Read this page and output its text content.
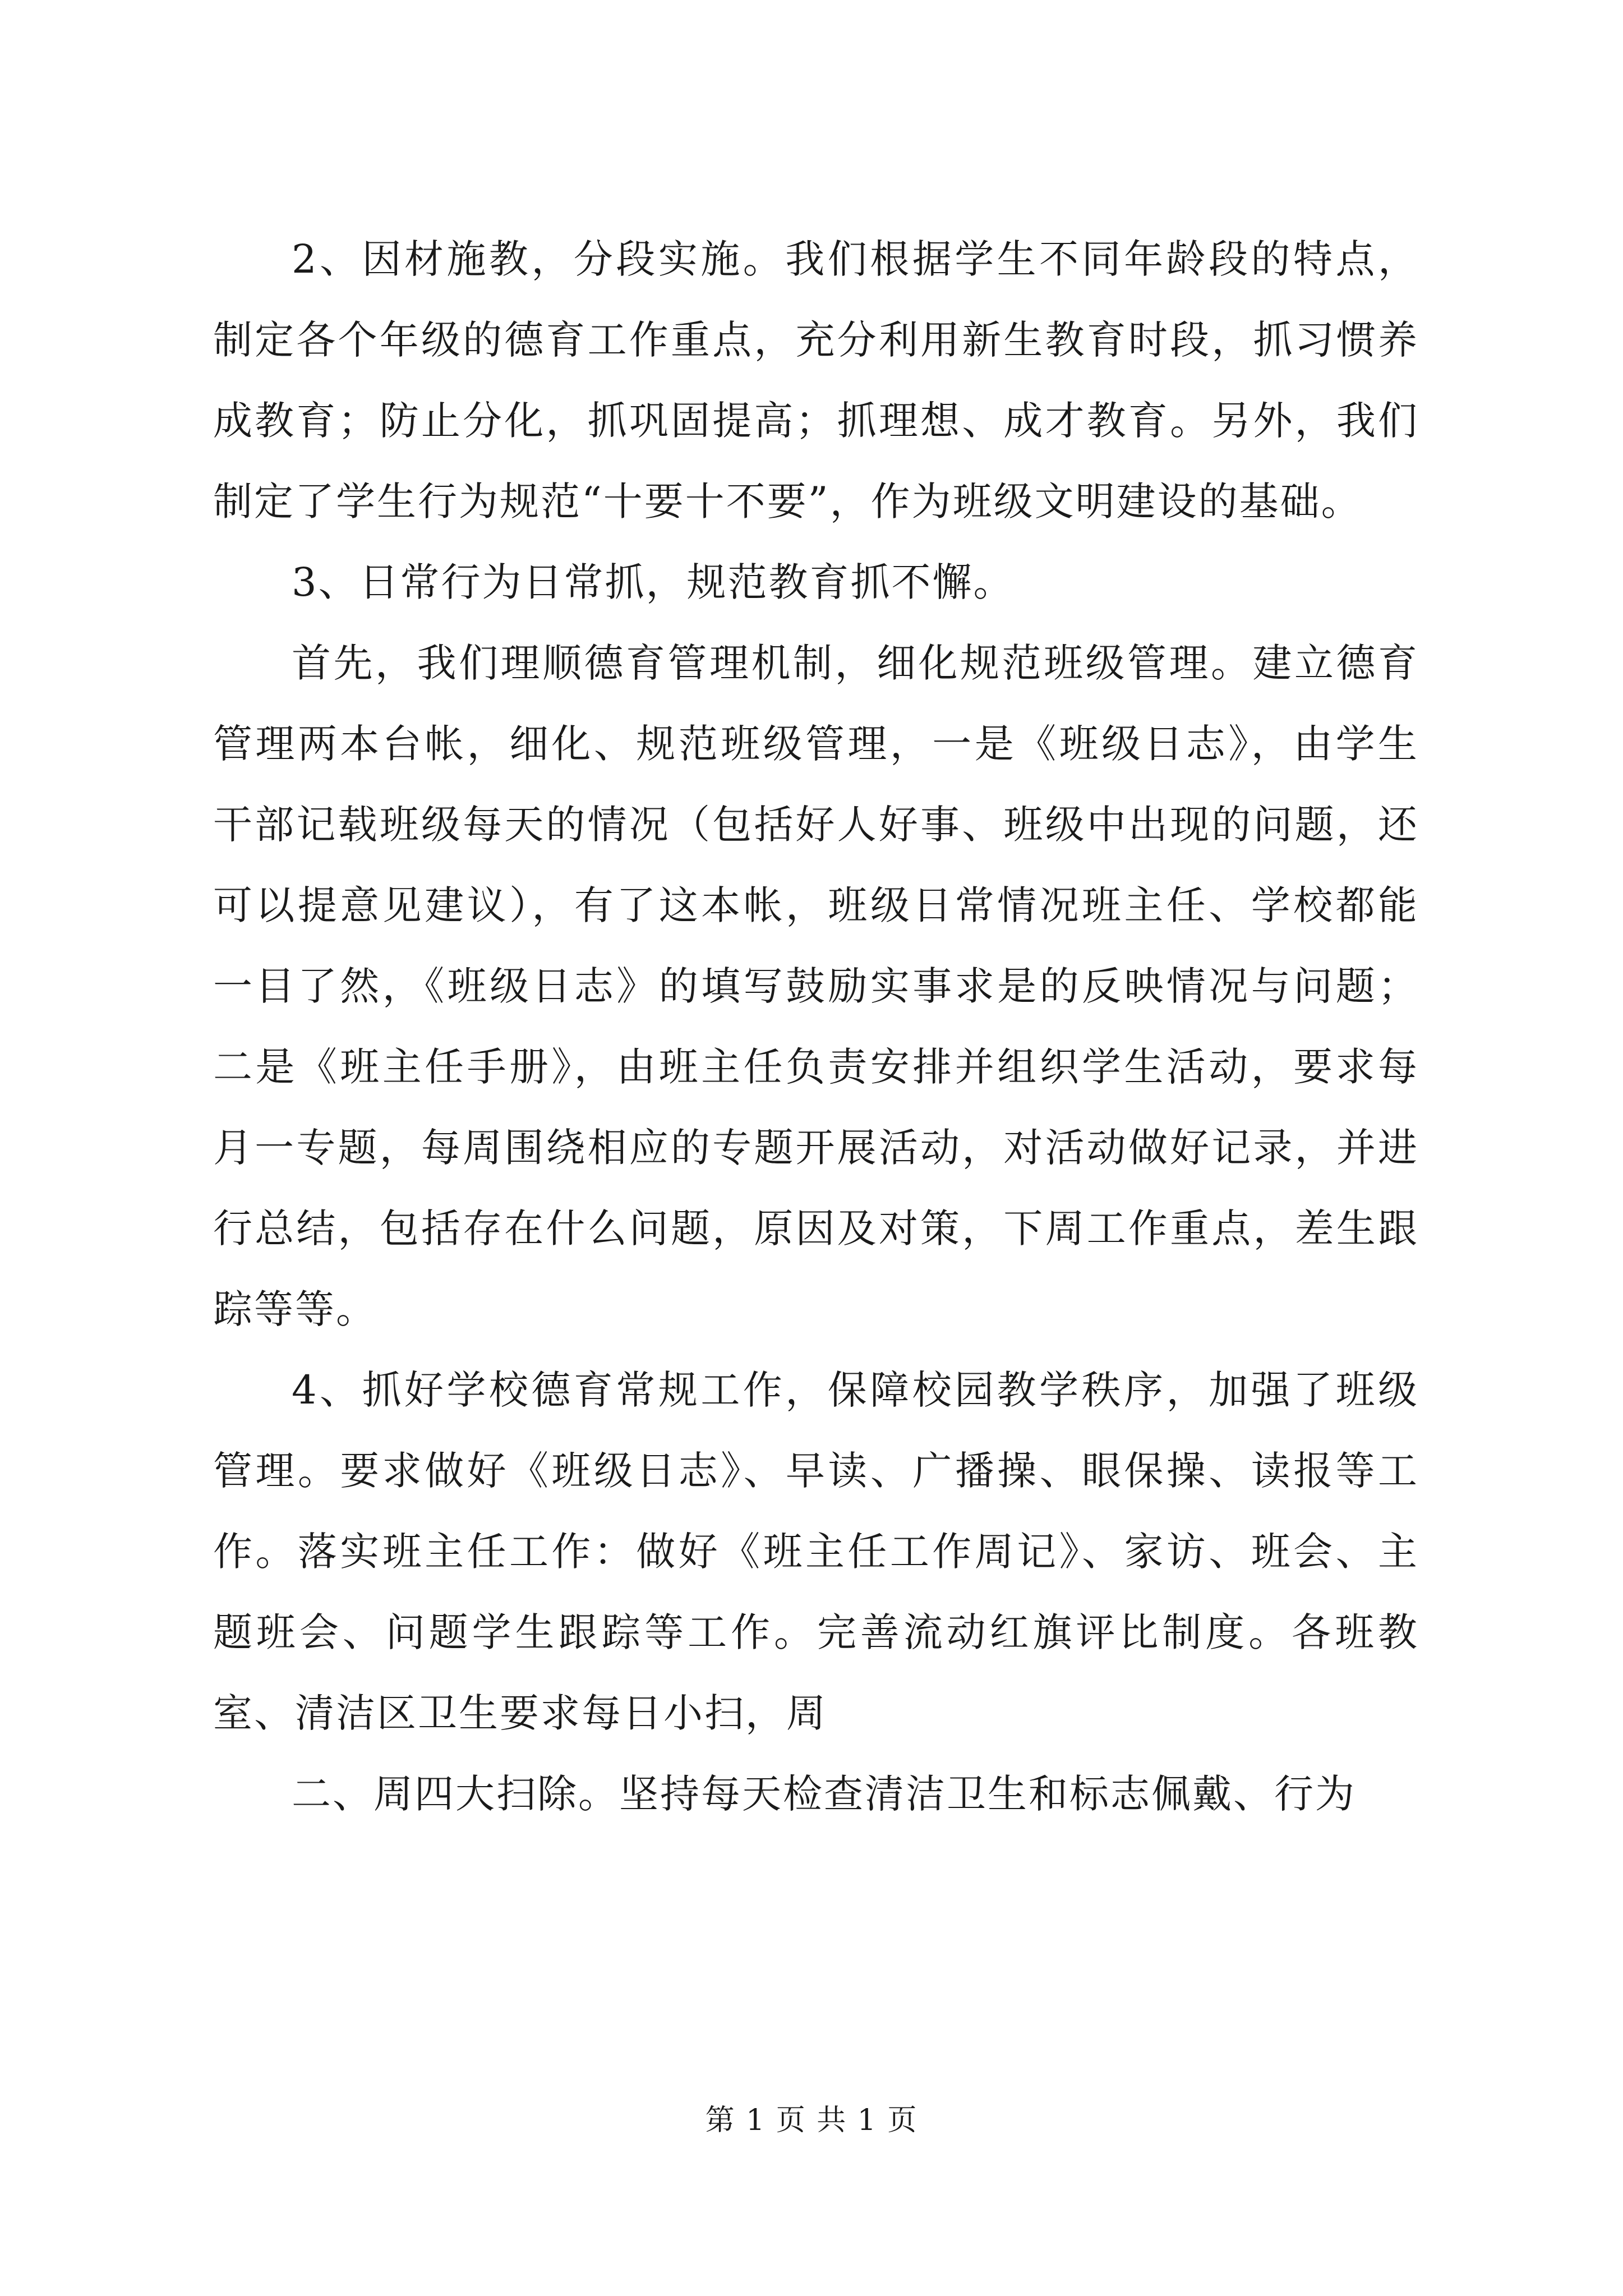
2、因材施教，分段实施。我们根据学生不同年龄段的特点，制定各个年级的德育工作重点，充分利用新生教育时段，抓习惯养成教育；防止分化，抓巩固提高；抓理想、成才教育。另外，我们制定了学生行为规范“十要十不要”，作为班级文明建设的基础。

3、日常行为日常抓，规范教育抓不懈。

首先，我们理顺德育管理机制，细化规范班级管理。建立德育管理两本台帐，细化、规范班级管理，一是《班级日志》，由学生干部记载班级每天的情况（包括好人好事、班级中出现的问题，还可以提意见建议），有了这本帐，班级日常情况班主任、学校都能一目了然，《班级日志》的填写鼓励实事求是的反映情况与问题；二是《班主任手册》，由班主任负责安排并组织学生活动，要求每月一专题，每周围绕相应的专题开展活动，对活动做好记录，并进行总结，包括存在什么问题，原因及对策，下周工作重点，差生跟踪等等。

4、抓好学校德育常规工作，保障校园教学秩序，加强了班级管理。要求做好《班级日志》、早读、广播操、眼保操、读报等工作。落实班主任工作：做好《班主任工作周记》、家访、班会、主题班会、问题学生跟踪等工作。完善流动红旗评比制度。各班教室、清洁区卫生要求每日小扫，周

二、周四大扫除。坚持每天检查清洁卫生和标志佩戴、行为

第 1 页 共 1 页
